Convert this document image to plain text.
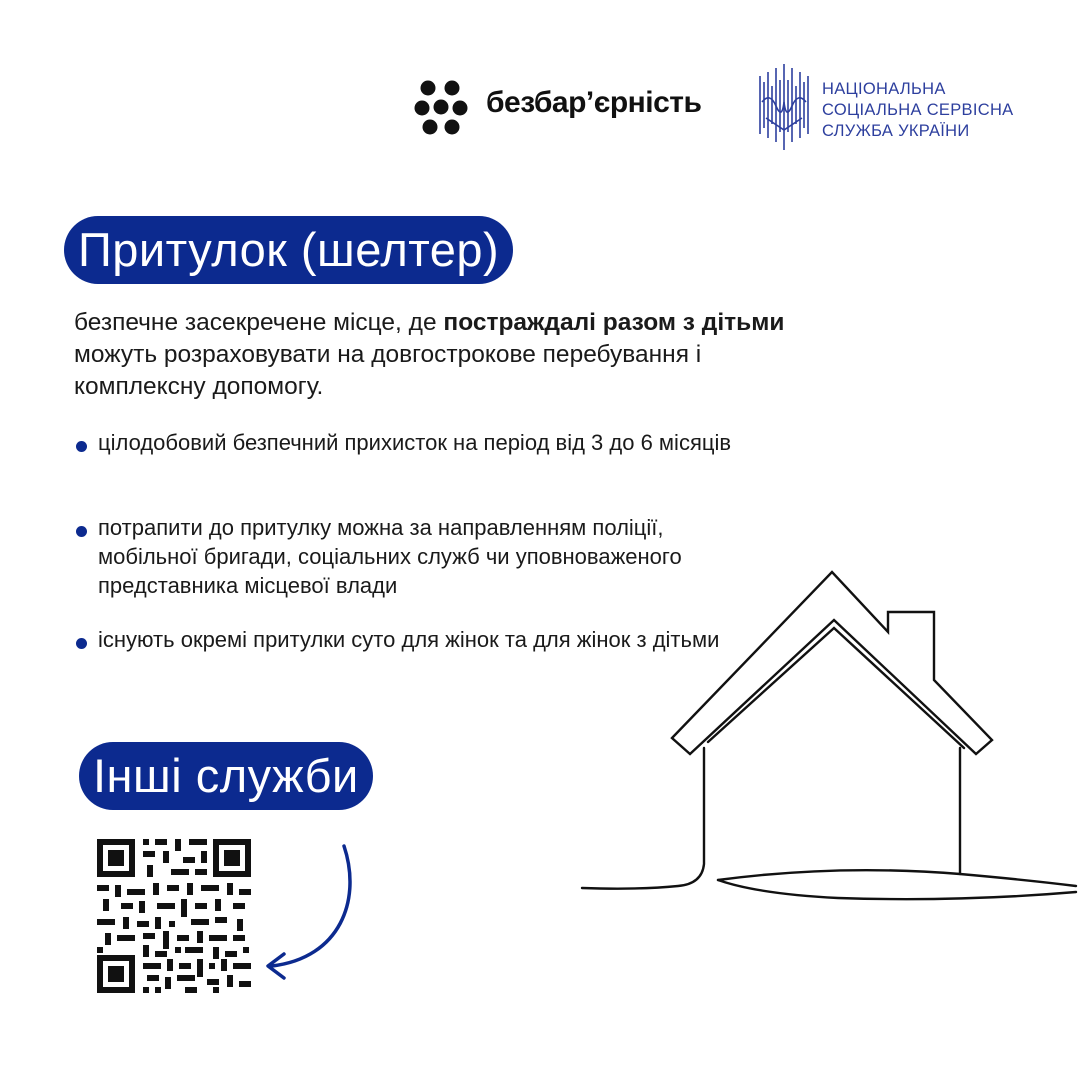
безбар’єрність	НАЦІОНАЛЬНА
СОЦІАЛЬНА СЕРВІСНА
СЛУЖБА УКРАЇНИ
Притулок (шелтер)
безпечне засекречене місце, де постраждалі разом з дітьми можуть розраховувати на довгострокове перебування і комплексну допомогу.
цілодобовий безпечний прихисток на період від 3 до 6 місяців
потрапити до притулку можна за направленням поліції, мобільної бригади, соціальних служб чи уповноваженого представника місцевої влади
існують окремі притулки суто для жінок та для жінок з дітьми
Інші служби
